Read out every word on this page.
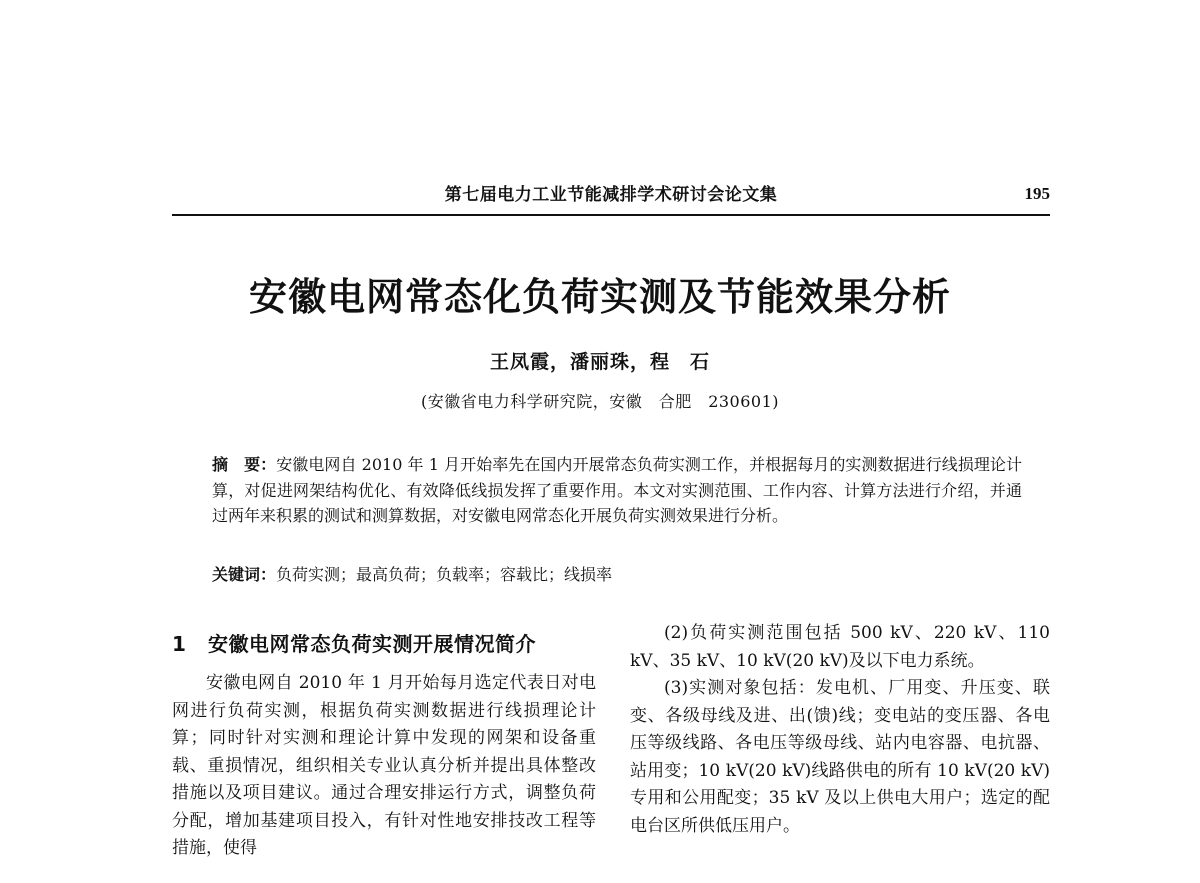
第七届电力工业节能减排学术研讨会论文集	195
安徽电网常态化负荷实测及节能效果分析
王凤霞，潘丽珠，程　石
(安徽省电力科学研究院，安徽　合肥　230601)
摘　要：安徽电网自 2010 年 1 月开始率先在国内开展常态负荷实测工作，并根据每月的实测数据进行线损理论计算，对促进网架结构优化、有效降低线损发挥了重要作用。本文对实测范围、工作内容、计算方法进行介绍，并通过两年来积累的测试和测算数据，对安徽电网常态化开展负荷实测效果进行分析。
关键词：负荷实测；最高负荷；负载率；容载比；线损率
1 安徽电网常态负荷实测开展情况简介

安徽电网自 2010 年 1 月开始每月选定代表日对电网进行负荷实测，根据负荷实测数据进行线损理论计算；同时针对实测和理论计算中发现的网架和设备重载、重损情况，组织相关专业认真分析并提出具体整改措施以及项目建议。通过合理安排运行方式，调整负荷分配，增加基建项目投入，有针对性地安排技改工程等措施，使得

(2)负荷实测范围包括 500 kV、220 kV、110 kV、35 kV、10 kV(20 kV)及以下电力系统。

(3)实测对象包括：发电机、厂用变、升压变、联变、各级母线及进、出(馈)线；变电站的变压器、各电压等级线路、各电压等级母线、站内电容器、电抗器、站用变；10 kV(20 kV)线路供电的所有 10 kV(20 kV)专用和公用配变；35 kV 及以上供电大用户；选定的配电台区所供低压用户。
